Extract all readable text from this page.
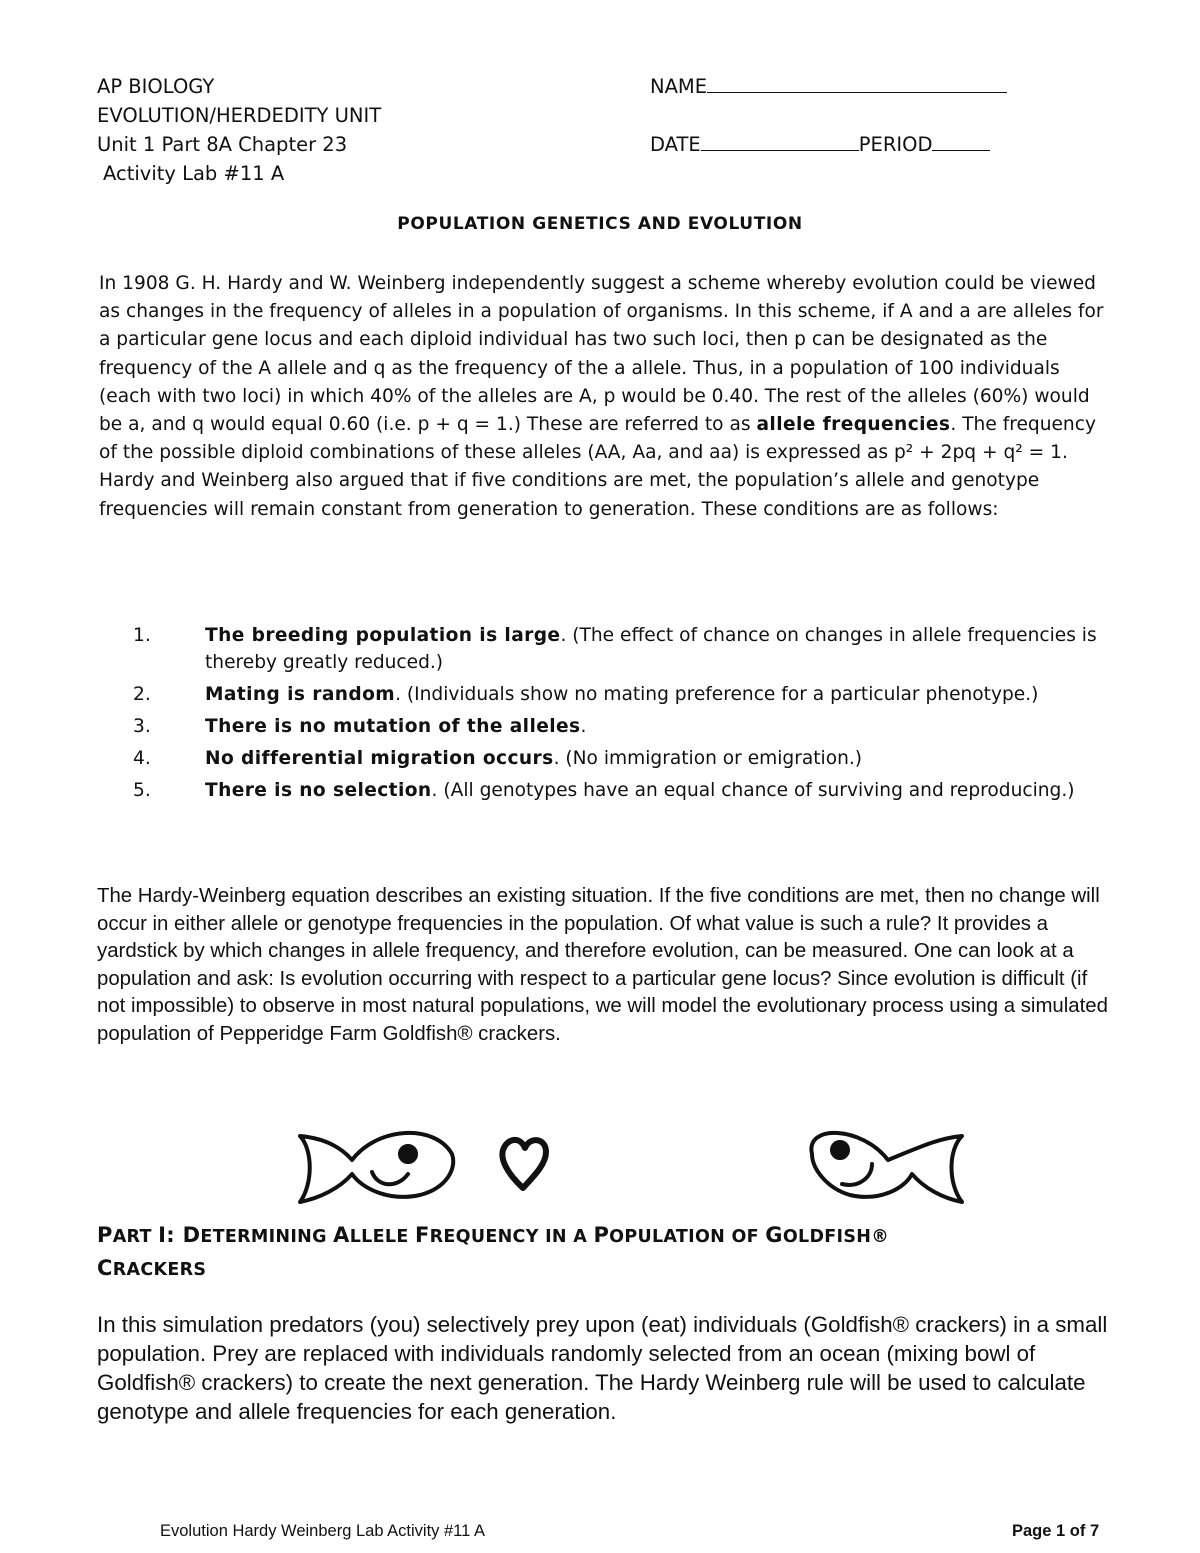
AP BIOLOGY
EVOLUTION/HERDEDITY UNIT
Unit 1 Part 8A Chapter 23
Activity Lab #11 A
NAME
DATE	PERIOD
POPULATION GENETICS AND EVOLUTION
In 1908 G. H. Hardy and W. Weinberg independently suggest a scheme whereby evolution could be viewed as changes in the frequency of alleles in a population of organisms. In this scheme, if A and a are alleles for a particular gene locus and each diploid individual has two such loci, then p can be designated as the frequency of the A allele and q as the frequency of the a allele. Thus, in a population of 100 individuals (each with two loci) in which 40% of the alleles are A, p would be 0.40. The rest of the alleles (60%) would be a, and q would equal 0.60 (i.e. p + q = 1.) These are referred to as allele frequencies. The frequency of the possible diploid combinations of these alleles (AA, Aa, and aa) is expressed as p² + 2pq + q² = 1. Hardy and Weinberg also argued that if five conditions are met, the population’s allele and genotype frequencies will remain constant from generation to generation. These conditions are as follows:
1.	The breeding population is large. (The effect of chance on changes in allele frequencies is thereby greatly reduced.)
2.	Mating is random. (Individuals show no mating preference for a particular phenotype.)
3.	There is no mutation of the alleles.
4.	No differential migration occurs. (No immigration or emigration.)
5.	There is no selection. (All genotypes have an equal chance of surviving and reproducing.)
The Hardy-Weinberg equation describes an existing situation. If the five conditions are met, then no change will occur in either allele or genotype frequencies in the population. Of what value is such a rule? It provides a yardstick by which changes in allele frequency, and therefore evolution, can be measured. One can look at a population and ask: Is evolution occurring with respect to a particular gene locus? Since evolution is difficult (if not impossible) to observe in most natural populations, we will model the evolutionary process using a simulated population of Pepperidge Farm Goldfish® crackers.
PART I: DETERMINING ALLELE FREQUENCY IN A POPULATION OF GOLDFISH®
CRACKERS
In this simulation predators (you) selectively prey upon (eat) individuals (Goldfish® crackers) in a small population. Prey are replaced with individuals randomly selected from an ocean (mixing bowl of Goldfish® crackers) to create the next generation. The Hardy Weinberg rule will be used to calculate genotype and allele frequencies for each generation.
Evolution Hardy Weinberg Lab Activity #11 A	Page 1 of 7
